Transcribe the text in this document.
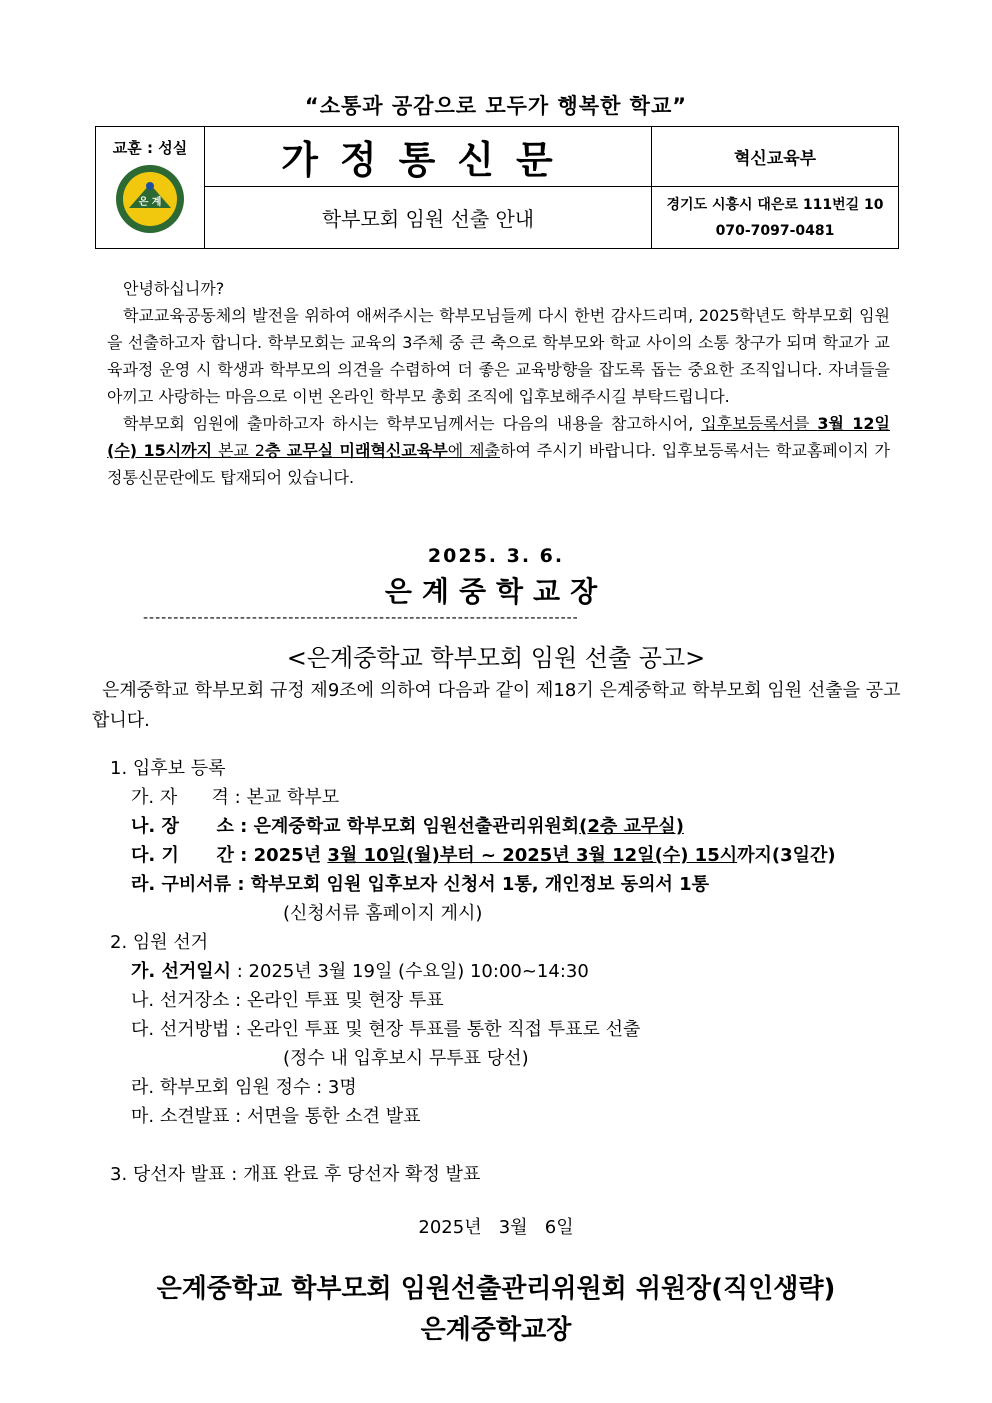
“소통과 공감으로 모두가 행복한 학교”
교훈 : 성실
은 계	가정통신문	혁신교육부
	학부모회 임원 선출 안내	경기도 시흥시 대은로 111번길 10
070-7097-0481
안녕하십니까?
학교교육공동체의 발전을 위하여 애써주시는 학부모님들께 다시 한번 감사드리며, 2025학년도 학부모회 임원을 선출하고자 합니다. 학부모회는 교육의 3주체 중 큰 축으로 학부모와 학교 사이의 소통 창구가 되며 학교가 교육과정 운영 시 학생과 학부모의 의견을 수렴하여 더 좋은 교육방향을 잡도록 돕는 중요한 조직입니다. 자녀들을 아끼고 사랑하는 마음으로 이번 온라인 학부모 총회 조직에 입후보해주시길 부탁드립니다.
학부모회 임원에 출마하고자 하시는 학부모님께서는 다음의 내용을 참고하시어, 입후보등록서를 3월 12일(수) 15시까지 본교 2층 교무실 미래혁신교육부에 제출하여 주시기 바랍니다. 입후보등록서는 학교홈페이지 가정통신문란에도 탑재되어 있습니다.
2025. 3. 6.
은계중학교장
------------------------------------------------------------------------
<은계중학교 학부모회 임원 선출 공고>
은계중학교 학부모회 규정 제9조에 의하여 다음과 같이 제18기 은계중학교 학부모회 임원 선출을 공고합니다.
1. 입후보 등록
가. 자      격 : 본교 학부모
나. 장      소 : 은계중학교 학부모회 임원선출관리위원회(2층 교무실)
다. 기      간 : 2025년 3월 10일(월)부터 ~ 2025년 3월 12일(수) 15시까지(3일간)
라. 구비서류 : 학부모회 임원 입후보자 신청서 1통, 개인정보 동의서 1통
(신청서류 홈페이지 게시)
2. 임원 선거
가. 선거일시 : 2025년 3월 19일 (수요일) 10:00~14:30
나. 선거장소 : 온라인 투표 및 현장 투표
다. 선거방법 : 온라인 투표 및 현장 투표를 통한 직접 투표로 선출
(정수 내 입후보시 무투표 당선)
라. 학부모회 임원 정수 : 3명
마. 소견발표 : 서면을 통한 소견 발표
3. 당선자 발표 : 개표 완료 후 당선자 확정 발표
2025년   3월   6일
은계중학교 학부모회 임원선출관리위원회 위원장(직인생략)
은계중학교장
